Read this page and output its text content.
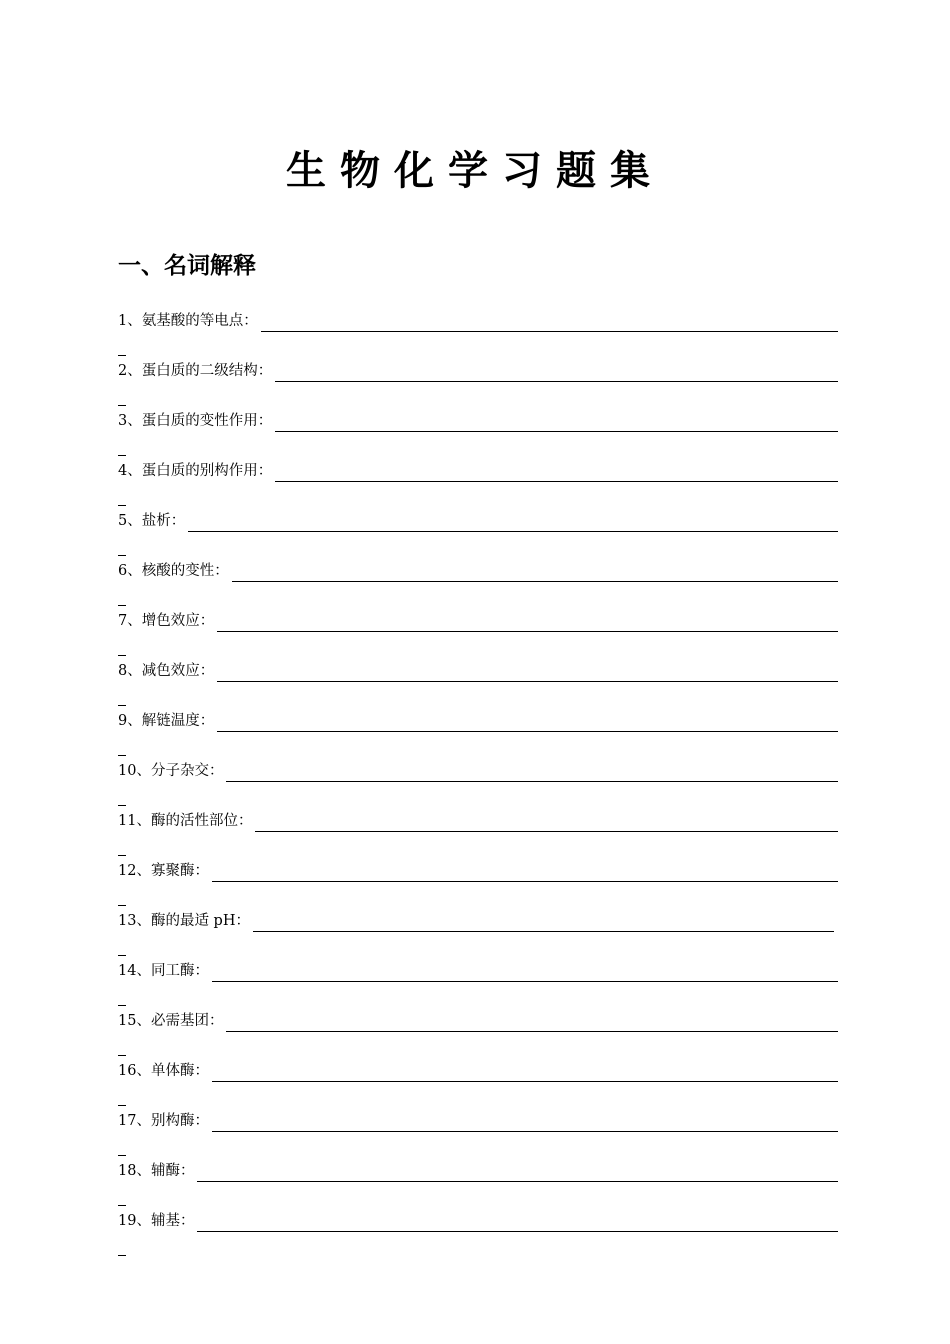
生物化学习题集
一、名词解释
1、氨基酸的等电点：
2、蛋白质的二级结构：
3、蛋白质的变性作用：
4、蛋白质的别构作用：
5、盐析：
6、核酸的变性：
7、增色效应：
8、减色效应：
9、解链温度：
10、分子杂交：
11、酶的活性部位：
12、寡聚酶：
13、酶的最适 pH：
14、同工酶：
15、必需基团：
16、单体酶：
17、别构酶：
18、辅酶：
19、辅基：
